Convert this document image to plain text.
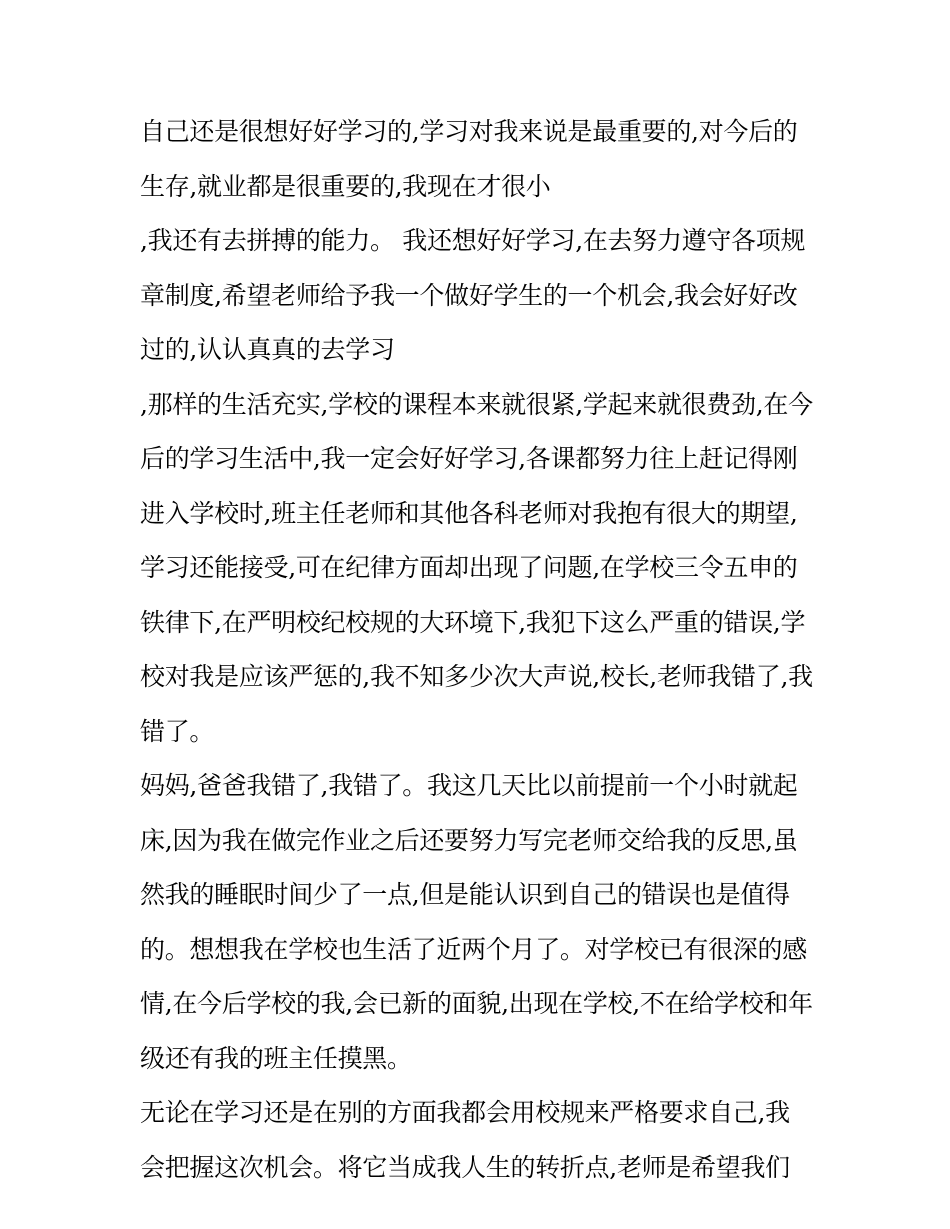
自己还是很想好好学习的,学习对我来说是最重要的,对今后的
生存,就业都是很重要的,我现在才很小
,我还有去拼搏的能力。 我还想好好学习,在去努力遵守各项规
章制度,希望老师给予我一个做好学生的一个机会,我会好好改
过的,认认真真的去学习
,那样的生活充实,学校的课程本来就很紧,学起来就很费劲,在今
后的学习生活中,我一定会好好学习,各课都努力往上赶记得刚
进入学校时,班主任老师和其他各科老师对我抱有很大的期望,
学习还能接受,可在纪律方面却出现了问题,在学校三令五申的
铁律下,在严明校纪校规的大环境下,我犯下这么严重的错误,学
校对我是应该严惩的,我不知多少次大声说,校长,老师我错了,我
错了。
妈妈,爸爸我错了,我错了。我这几天比以前提前一个小时就起
床,因为我在做完作业之后还要努力写完老师交给我的反思,虽
然我的睡眠时间少了一点,但是能认识到自己的错误也是值得
的。想想我在学校也生活了近两个月了。对学校已有很深的感
情,在今后学校的我,会已新的面貌,出现在学校,不在给学校和年
级还有我的班主任摸黑。
无论在学习还是在别的方面我都会用校规来严格要求自己,我
会把握这次机会。将它当成我人生的转折点,老师是希望我们
